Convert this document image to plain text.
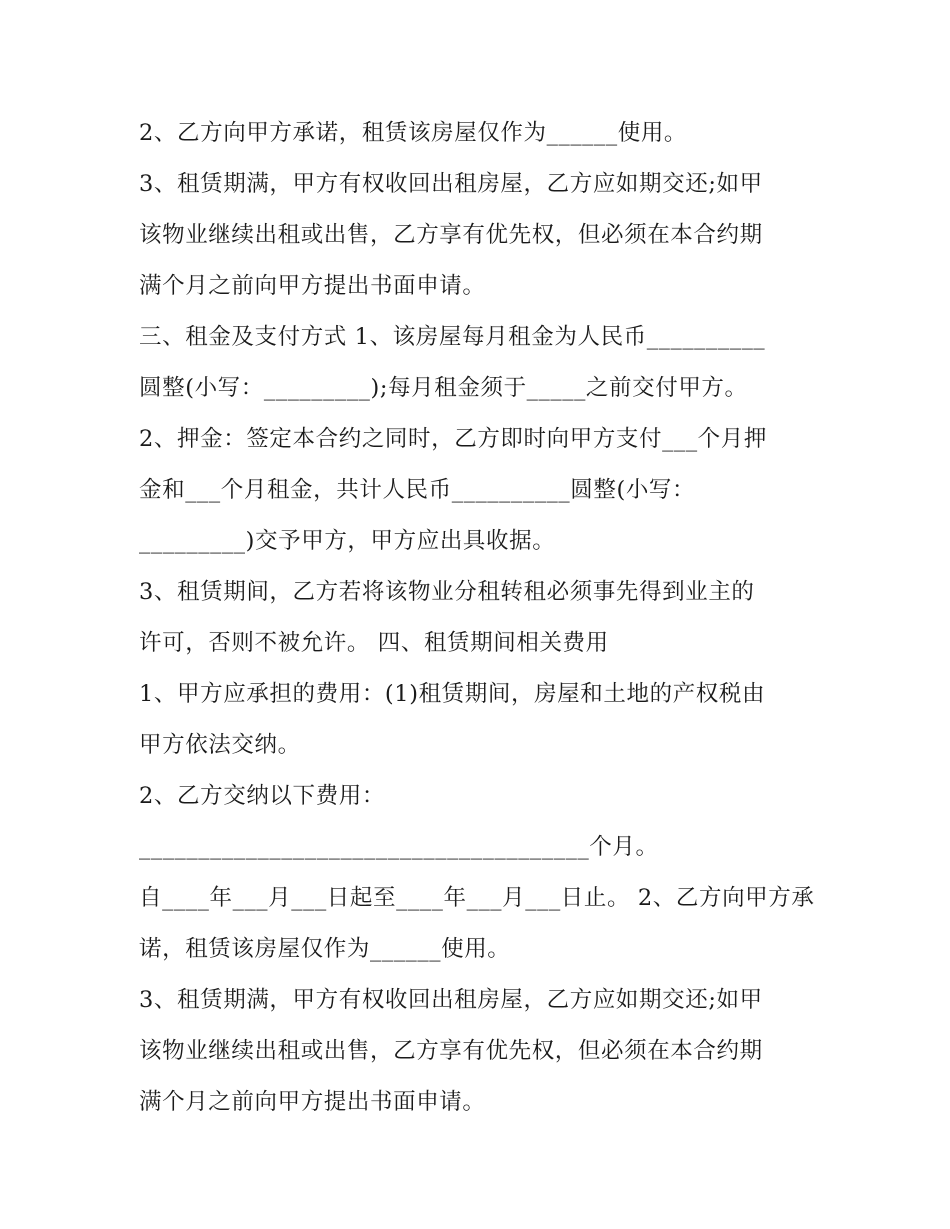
2、乙方向甲方承诺，租赁该房屋仅作为______使用。
3、租赁期满，甲方有权收回出租房屋，乙方应如期交还;如甲
该物业继续出租或出售，乙方享有优先权，但必须在本合约期
满个月之前向甲方提出书面申请。
三、租金及支付方式 1、该房屋每月租金为人民币__________
圆整(小写：_________);每月租金须于_____之前交付甲方。
2、押金：签定本合约之同时，乙方即时向甲方支付___个月押
金和___个月租金，共计人民币__________圆整(小写：
_________)交予甲方，甲方应出具收据。
3、租赁期间，乙方若将该物业分租转租必须事先得到业主的
许可，否则不被允许。 四、租赁期间相关费用
1、甲方应承担的费用：(1)租赁期间，房屋和土地的产权税由
甲方依法交纳。
2、乙方交纳以下费用：
______________________________________个月。
自____年___月___日起至____年___月___日止。 2、乙方向甲方承
诺，租赁该房屋仅作为______使用。
3、租赁期满，甲方有权收回出租房屋，乙方应如期交还;如甲
该物业继续出租或出售，乙方享有优先权，但必须在本合约期
满个月之前向甲方提出书面申请。
